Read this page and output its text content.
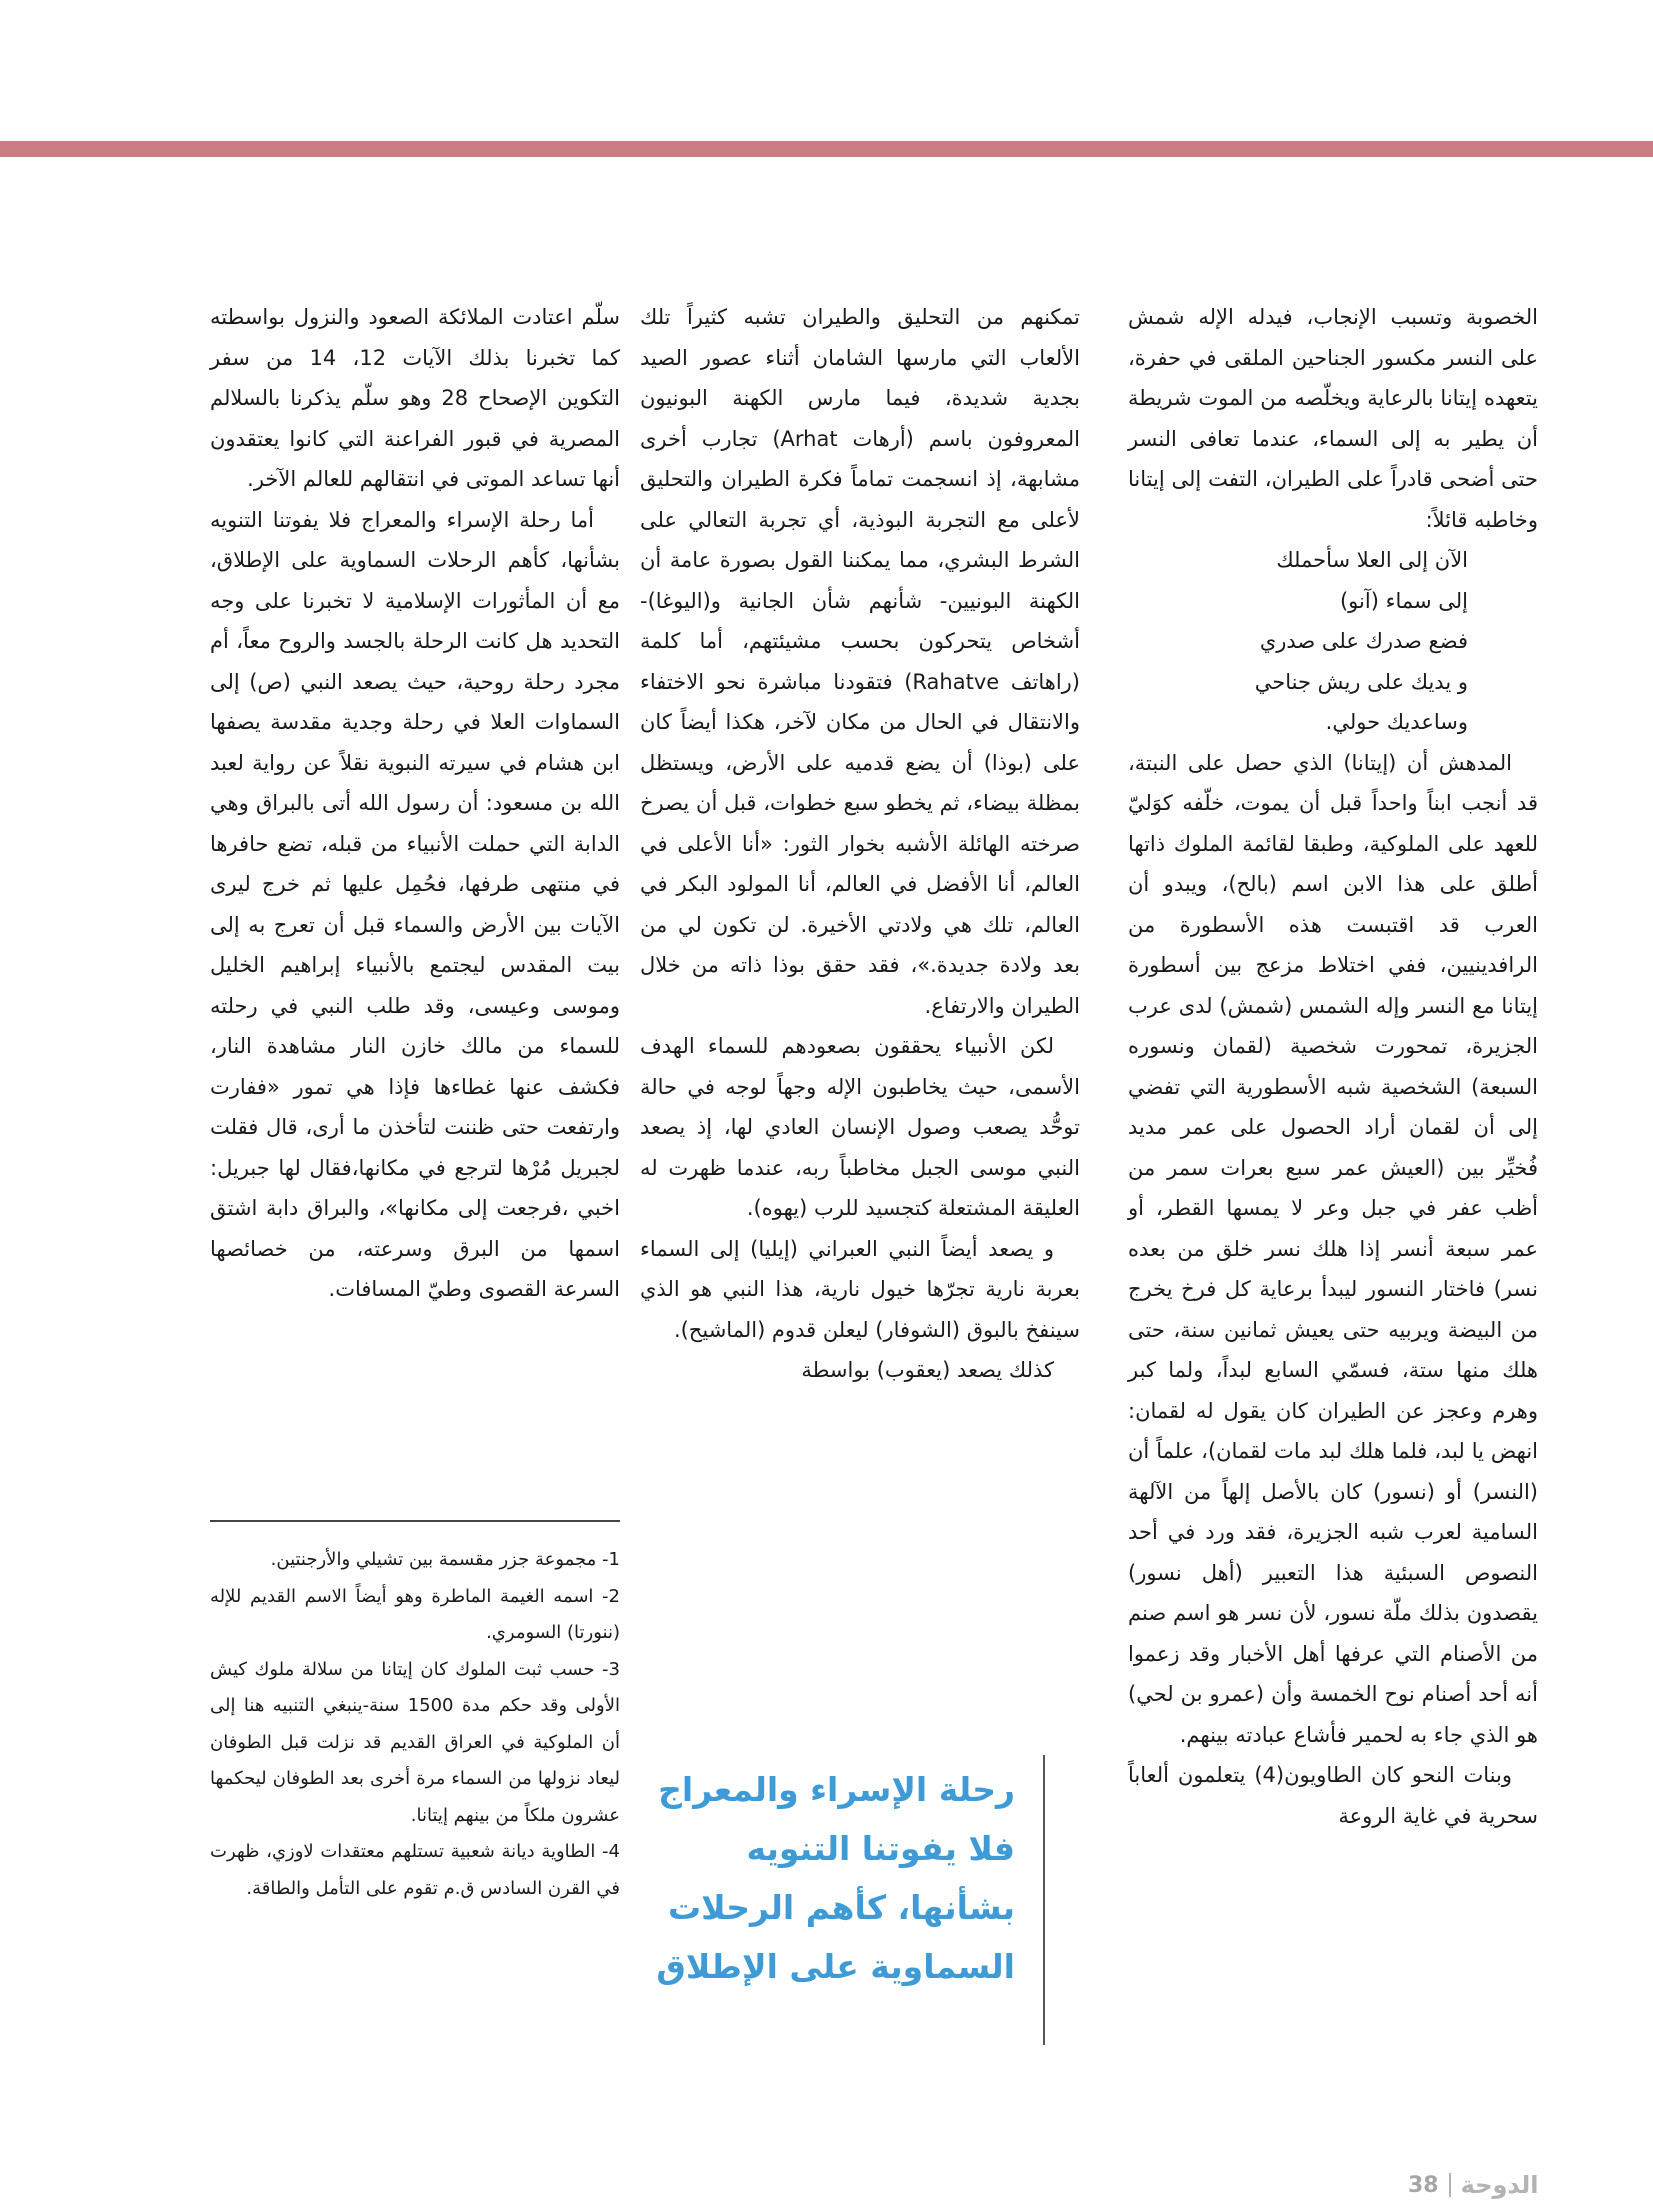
الخصوبة وتسبب الإنجاب، فيدله الإله شمش على النسر مكسور الجناحين الملقى في حفرة، يتعهده إيتانا بالرعاية ويخلّصه من الموت شريطة أن يطير به إلى السماء، عندما تعافى النسر حتى أضحى قادراً على الطيران، التفت إلى إيتانا وخاطبه قائلاً:

الآن إلى العلا سأحملك
إلى سماء (آنو)
فضع صدرك على صدري
و يديك على ريش جناحي
وساعديك حولي.

المدهش أن (إيتانا) الذي حصل على النبتة، قد أنجب ابناً واحداً قبل أن يموت، خلّفه كوَليّ للعهد على الملوكية، وطبقا لقائمة الملوك ذاتها أطلق على هذا الابن اسم (بالح)، ويبدو أن العرب قد اقتبست هذه الأسطورة من الرافدينيين، ففي اختلاط مزعج بين أسطورة إيتانا مع النسر وإله الشمس (شمش) لدى عرب الجزيرة، تمحورت شخصية (لقمان ونسوره السبعة) الشخصية شبه الأسطورية التي تفضي إلى أن لقمان أراد الحصول على عمر مديد فُخيِّر بين (العيش عمر سبع بعرات سمر من أظب عفر في جبل وعر لا يمسها القطر، أو عمر سبعة أنسر إذا هلك نسر خلق من بعده نسر) فاختار النسور ليبدأ برعاية كل فرخ يخرج من البيضة ويربيه حتى يعيش ثمانين سنة، حتى هلك منها ستة، فسمّي السابع لبداً، ولما كبر وهرم وعجز عن الطيران كان يقول له لقمان: انهض يا لبد، فلما هلك لبد مات لقمان)، علماً أن (النسر) أو (نسور) كان بالأصل إلهاً من الآلهة السامية لعرب شبه الجزيرة، فقد ورد في أحد النصوص السبئية هذا التعبير (أهل نسور) يقصدون بذلك ملّة نسور، لأن نسر هو اسم صنم من الأصنام التي عرفها أهل الأخبار وقد زعموا أنه أحد أصنام نوح الخمسة وأن (عمرو بن لحي) هو الذي جاء به لحمير فأشاع عبادته بينهم.

وبنات النحو كان الطاويون(4) يتعلمون ألعاباً سحرية في غاية الروعة

تمكنهم من التحليق والطيران تشبه كثيراً تلك الألعاب التي مارسها الشامان أثناء عصور الصيد بجدية شديدة، فيما مارس الكهنة البونيون المعروفون باسم (أرهات Arhat) تجارب أخرى مشابهة، إذ انسجمت تماماً فكرة الطيران والتحليق لأعلى مع التجربة البوذية، أي تجربة التعالي على الشرط البشري، مما يمكننا القول بصورة عامة أن الكهنة البونيين- شأنهم شأن الجانية و(اليوغا)-أشخاص يتحركون بحسب مشيئتهم، أما كلمة (راهاتف Rahatve) فتقودنا مباشرة نحو الاختفاء والانتقال في الحال من مكان لآخر، هكذا أيضاً كان على (بوذا) أن يضع قدميه على الأرض، ويستظل بمظلة بيضاء، ثم يخطو سبع خطوات، قبل أن يصرخ صرخته الهائلة الأشبه بخوار الثور: «أنا الأعلى في العالم، أنا الأفضل في العالم، أنا المولود البكر في العالم، تلك هي ولادتي الأخيرة. لن تكون لي من بعد ولادة جديدة.»، فقد حقق بوذا ذاته من خلال الطيران والارتفاع.

لكن الأنبياء يحققون بصعودهم للسماء الهدف الأسمى، حيث يخاطبون الإله وجهاً لوجه في حالة توحُّد يصعب وصول الإنسان العادي لها، إذ يصعد النبي موسى الجبل مخاطباً ربه، عندما ظهرت له العليقة المشتعلة كتجسيد للرب (يهوه).

و يصعد أيضاً النبي العبراني (إيليا) إلى السماء بعربة نارية تجرّها خيول نارية، هذا النبي هو الذي سينفخ بالبوق (الشوفار) ليعلن قدوم (الماشيح).

كذلك يصعد (يعقوب) بواسطة

سلّم اعتادت الملائكة الصعود والنزول بواسطته كما تخبرنا بذلك الآيات 12، 14 من سفر التكوين الإصحاح 28 وهو سلّم يذكرنا بالسلالم المصرية في قبور الفراعنة التي كانوا يعتقدون أنها تساعد الموتى في انتقالهم للعالم الآخر.

أما رحلة الإسراء والمعراج فلا يفوتنا التنويه بشأنها، كأهم الرحلات السماوية على الإطلاق، مع أن المأثورات الإسلامية لا تخبرنا على وجه التحديد هل كانت الرحلة بالجسد والروح معاً، أم مجرد رحلة روحية، حيث يصعد النبي (ص) إلى السماوات العلا في رحلة وجدية مقدسة يصفها ابن هشام في سيرته النبوية نقلاً عن رواية لعبد الله بن مسعود: أن رسول الله أتى بالبراق وهي الدابة التي حملت الأنبياء من قبله، تضع حافرها في منتهى طرفها، فحُمِل عليها ثم خرج ليرى الآيات بين الأرض والسماء قبل أن تعرج به إلى بيت المقدس ليجتمع بالأنبياء إبراهيم الخليل وموسى وعيسى، وقد طلب النبي في رحلته للسماء من مالك خازن النار مشاهدة النار، فكشف عنها غطاءها فإذا هي تمور «ففارت وارتفعت حتى ظننت لتأخذن ما أرى، قال فقلت لجبريل مُرْها لترجع في مكانها،فقال لها جبريل: اخبي ،فرجعت إلى مكانها»، والبراق دابة اشتق اسمها من البرق وسرعته، من خصائصها السرعة القصوى وطيّ المسافات.

1- مجموعة جزر مقسمة بين تشيلي والأرجنتين.

2- اسمه الغيمة الماطرة وهو أيضاً الاسم القديم للإله (ننورتا) السومري.

3- حسب ثبت الملوك كان إيتانا من سلالة ملوك كيش الأولى وقد حكم مدة 1500 سنة-ينبغي التنبيه هنا إلى أن الملوكية في العراق القديم قد نزلت قبل الطوفان ليعاد نزولها من السماء مرة أخرى بعد الطوفان ليحكمها عشرون ملكاً من بينهم إيتانا.

4- الطاوية ديانة شعبية تستلهم معتقدات لاوزي، ظهرت في القرن السادس ق.م تقوم على التأمل والطاقة.

رحلة الإسراء والمعراج فلا يفوتنا التنويه بشأنها، كأهم الرحلات السماوية على الإطلاق
38 الدوحة
